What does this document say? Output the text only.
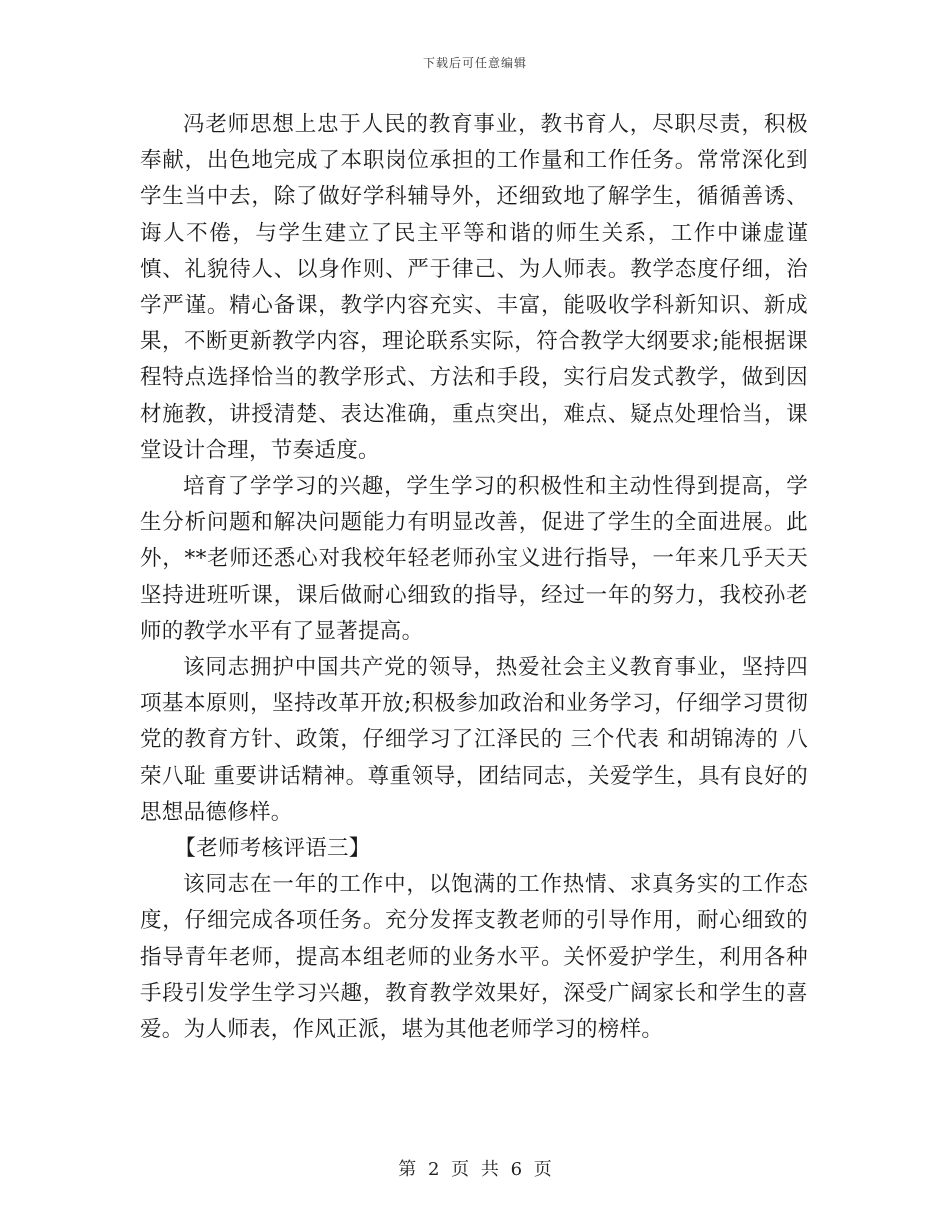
下载后可任意编辑

冯老师思想上忠于人民的教育事业，教书育人，尽职尽责，积极奉献，出色地完成了本职岗位承担的工作量和工作任务。常常深化到学生当中去，除了做好学科辅导外，还细致地了解学生，循循善诱、诲人不倦，与学生建立了民主平等和谐的师生关系，工作中谦虚谨慎、礼貌待人、以身作则、严于律己、为人师表。教学态度仔细，治学严谨。精心备课，教学内容充实、丰富，能吸收学科新知识、新成果，不断更新教学内容，理论联系实际，符合教学大纲要求;能根据课程特点选择恰当的教学形式、方法和手段，实行启发式教学，做到因材施教，讲授清楚、表达准确，重点突出，难点、疑点处理恰当，课堂设计合理，节奏适度。

培育了学学习的兴趣，学生学习的积极性和主动性得到提高，学生分析问题和解决问题能力有明显改善，促进了学生的全面进展。此外，**老师还悉心对我校年轻老师孙宝义进行指导，一年来几乎天天坚持进班听课，课后做耐心细致的指导，经过一年的努力，我校孙老师的教学水平有了显著提高。

该同志拥护中国共产党的领导，热爱社会主义教育事业，坚持四项基本原则，坚持改革开放;积极参加政治和业务学习，仔细学习贯彻党的教育方针、政策，仔细学习了江泽民的 三个代表 和胡锦涛的 八荣八耻 重要讲话精神。尊重领导，团结同志，关爱学生，具有良好的思想品德修样。

【老师考核评语三】

该同志在一年的工作中，以饱满的工作热情、求真务实的工作态度，仔细完成各项任务。充分发挥支教老师的引导作用，耐心细致的指导青年老师，提高本组老师的业务水平。关怀爱护学生，利用各种手段引发学生学习兴趣，教育教学效果好，深受广阔家长和学生的喜爱。为人师表，作风正派，堪为其他老师学习的榜样。

第 2 页 共 6 页
